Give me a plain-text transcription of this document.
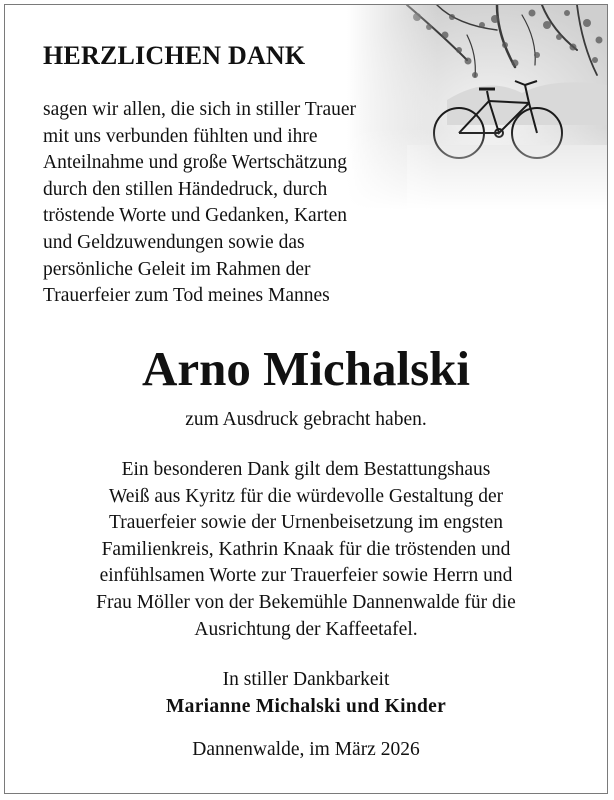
HERZLICHEN DANK

sagen wir allen, die sich in stiller Trauer
mit uns verbunden fühlten und ihre
Anteilnahme und große Wertschätzung
durch den stillen Händedruck, durch
tröstende Worte und Gedanken, Karten
und Geldzuwendungen sowie das
persönliche Geleit im Rahmen der
Trauerfeier zum Tod meines Mannes

Arno Michalski

zum Ausdruck gebracht haben.

Ein besonderen Dank gilt dem Bestattungshaus
Weiß aus Kyritz für die würdevolle Gestaltung der
Trauerfeier sowie der Urnenbeisetzung im engsten
Familienkreis, Kathrin Knaak für die tröstenden und
einfühlsamen Worte zur Trauerfeier sowie Herrn und
Frau Möller von der Bekemühle Dannenwalde für die
Ausrichtung der Kaffeetafel.

In stiller Dankbarkeit
Marianne Michalski und Kinder

Dannenwalde, im März 2026
